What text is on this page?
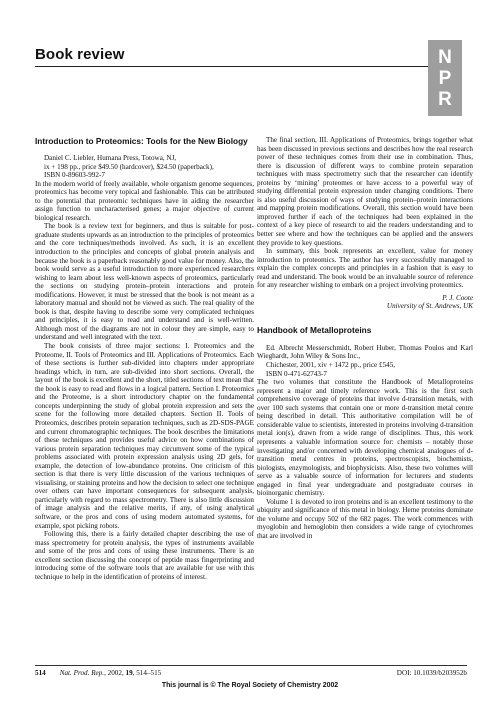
Book review	N
P
R
Introduction to Proteomics: Tools for the New Biology

Daniel C. Liebler, Humana Press, Totowa, NJ,
ix + 198 pp., price $49.50 (hardcover), $24.50 (paperback),
ISBN 0-89603-992-7

In the modern world of freely available, whole organism genome sequences, proteomics has become very topical and fashionable. This can be attributed to the potential that proteomic techniques have in aiding the researcher assign function to uncharacterised genes; a major objective of current biological research.

The book is a review text for beginners, and thus is suitable for post-graduate students upwards as an introduction to the principles of proteomics and the core techniques/methods involved. As such, it is an excellent introduction to the principles and concepts of global protein analysis and because the book is a paperback reasonably good value for money. Also, the book would serve as a useful introduction to more experienced researchers wishing to learn about less well-known aspects of proteomics, particularly the sections on studying protein–protein interactions and protein modifications. However, it must be stressed that the book is not meant as a laboratory manual and should not be viewed as such. The real quality of the book is that, despite having to describe some very complicated techniques and principles, it is easy to read and understand and is well-written. Although most of the diagrams are not in colour they are simple, easy to understand and well integrated with the text.

The book consists of three major sections: I. Proteomics and the Proteome, II. Tools of Proteomics and III. Applications of Proteomics. Each of these sections is further sub-divided into chapters under appropriate headings which, in turn, are sub-divided into short sections. Overall, the layout of the book is excellent and the short, titled sections of text mean that the book is easy to read and flows in a logical pattern. Section I. Proteomics and the Proteome, is a short introductory chapter on the fundamental concepts underpinning the study of global protein expression and sets the scene for the following more detailed chapters. Section II. Tools of Proteomics, describes protein separation techniques, such as 2D-SDS-PAGE and current chromatographic techniques. The book describes the limitations of these techniques and provides useful advice on how combinations of various protein separation techniques may circumvent some of the typical problems associated with protein expression analysis using 2D gels, for example, the detection of low-abundance proteins. One criticism of this section is that there is very little discussion of the various techniques of visualising, or staining proteins and how the decision to select one technique over others can have important consequences for subsequent analysis, particularly with regard to mass spectrometry. There is also little discussion of image analysis and the relative merits, if any, of using analytical software, or the pros and cons of using modern automated systems, for example, spot picking robots.

Following this, there is a fairly detailed chapter describing the use of mass spectrometry for protein analysis, the types of instruments available and some of the pros and cons of using these instruments. There is an excellent section discussing the concept of peptide mass fingerprinting and introducing some of the software tools that are available for use with this technique to help in the identification of proteins of interest.

The final section, III. Applications of Proteomics, brings together what has been discussed in previous sections and describes how the real research power of these techniques comes from their use in combination. Thus, there is discussion of different ways to combine protein separation techniques with mass spectrometry such that the researcher can identify proteins by ‘mining’ proteomes or have access to a powerful way of studying differential protein expression under changing conditions. There is also useful discussion of ways of studying protein–protein interactions and mapping protein modifications. Overall, this section would have been improved further if each of the techniques had been explained in the context of a key piece of research to aid the readers understanding and to better see where and how the techniques can be applied and the answers they provide to key questions.

In summary, this book represents an excellent, value for money introduction to proteomics. The author has very successfully managed to explain the complex concepts and principles in a fashion that is easy to read and understand. The book would be an invaluable source of reference for any researcher wishing to embark on a project involving proteomics.

P. J. Coote
University of St. Andrews, UK
Handbook of Metalloproteins

Ed. Albrecht Messerschmidt, Robert Huber, Thomas Poulos and Karl Wieghardt, John Wiley & Sons Inc.,
Chichester, 2001, xiv + 1472 pp., price £545,
ISBN 0-471-62743-7

The two volumes that constitute the Handbook of Metalloproteins represent a major and timely reference work. This is the first such comprehensive coverage of proteins that involve d-transition metals, with over 100 such systems that contain one or more d-transition metal centre being described in detail. This authoritative compilation will be of considerable value to scientists, interested in proteins involving d-transition metal ion(s), drawn from a wide range of disciplines. Thus, this work represents a valuable information source for: chemists – notably those investigating and/or concerned with developing chemical analogues of d-transition metal centres in proteins, spectroscopists, biochemists, biologists, enzymologists, and biophysicists. Also, these two volumes will serve as a valuable source of information for lecturers and students engaged in final year undergraduate and postgraduate courses in bioinorganic chemistry.

Volume 1 is devoted to iron proteins and is an excellent testimony to the ubiquity and significance of this metal in biology. Heme proteins dominate the volume and occupy 502 of the 682 pages. The work commences with myoglobin and hemoglobin then considers a wide range of cytochromes that are involved in

514 Nat. Prod. Rep., 2002, 19, 514–515	DOI: 10.1039/b203952b
This journal is © The Royal Society of Chemistry 2002
